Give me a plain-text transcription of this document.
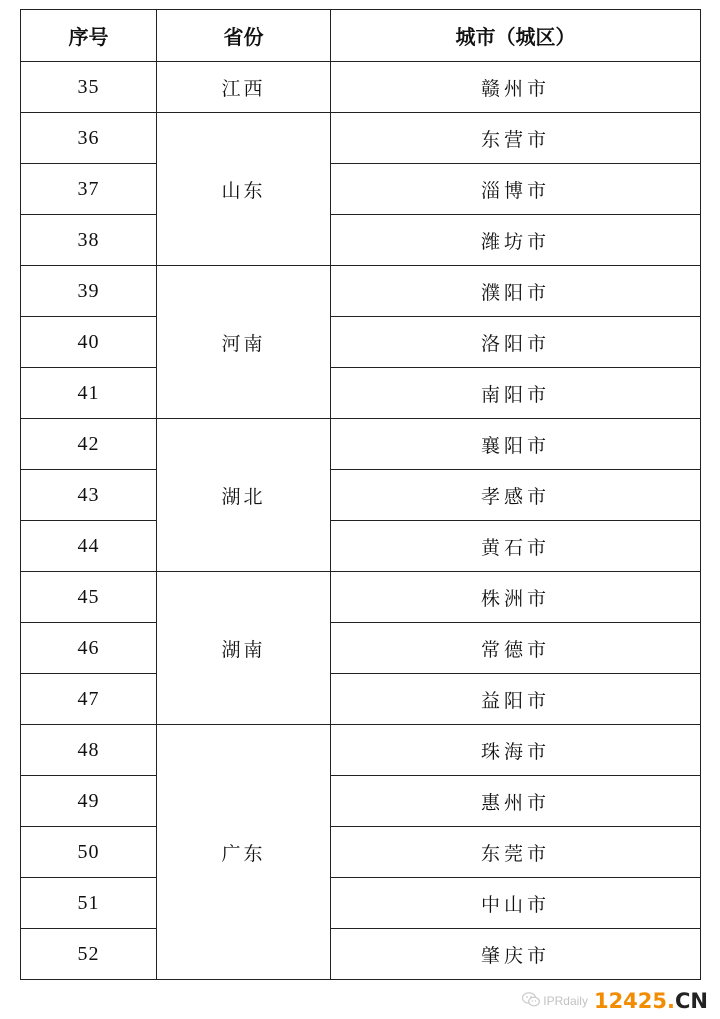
序号	省份	城市（城区）
35	江西	赣州市
36	山东	东营市
37		淄博市
38		潍坊市
39	河南	濮阳市
40		洛阳市
41		南阳市
42	湖北	襄阳市
43		孝感市
44		黄石市
45	湖南	株洲市
46		常德市
47		益阳市
48	广东	珠海市
49		惠州市
50		东莞市
51		中山市
52		肇庆市
IPRdaily 12425.CN
